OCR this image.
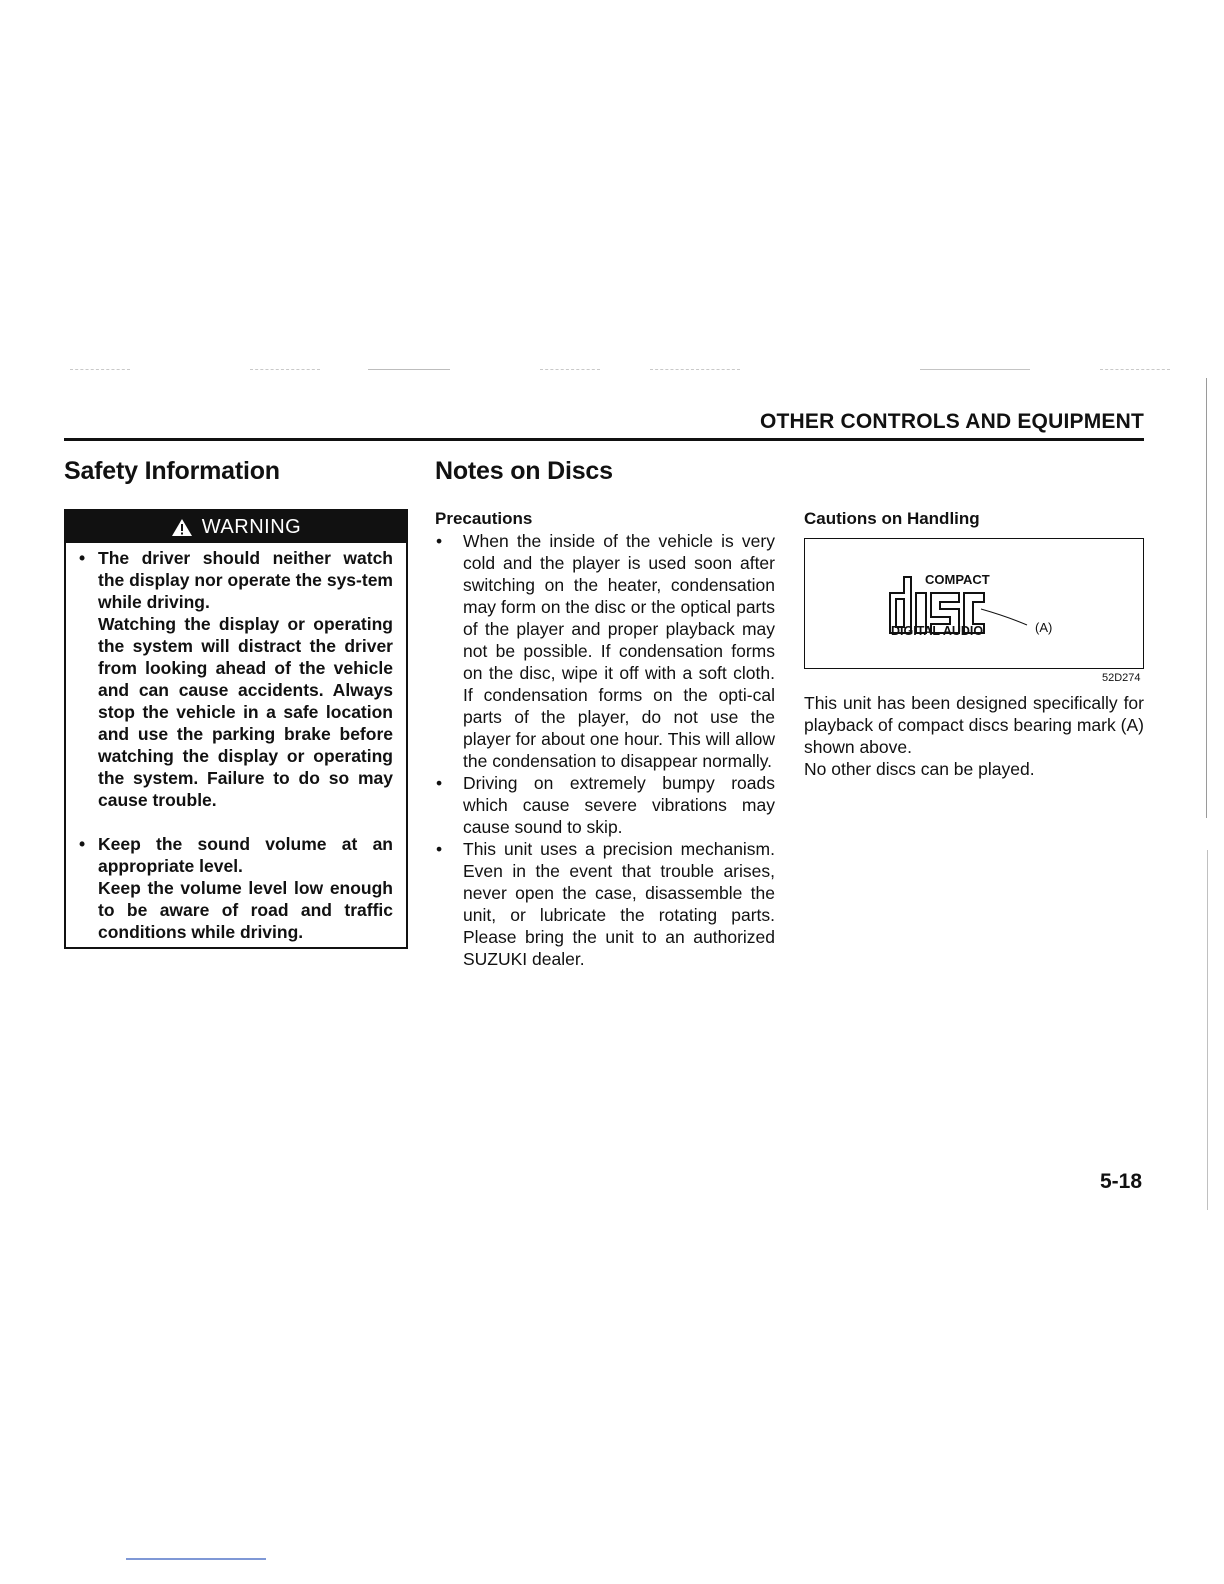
OTHER CONTROLS AND EQUIPMENT
Safety Information
WARNING

• The driver should neither watch the display nor operate the sys-tem while driving.

Watching the display or operating the system will distract the driver from looking ahead of the vehicle and can cause accidents. Always stop the vehicle in a safe location and use the parking brake before watching the display or operating the system. Failure to do so may cause trouble.

• Keep the sound volume at an appropriate level.

Keep the volume level low enough to be aware of road and traffic conditions while driving.

Notes on Discs
Precautions
• When the inside of the vehicle is very cold and the player is used soon after switching on the heater, condensation may form on the disc or the optical parts of the player and proper playback may not be possible. If condensation forms on the disc, wipe it off with a soft cloth. If condensation forms on the opti-cal parts of the player, do not use the player for about one hour. This will allow the condensation to disappear normally.
• Driving on extremely bumpy roads which cause severe vibrations may cause sound to skip.
• This unit uses a precision mechanism. Even in the event that trouble arises, never open the case, disassemble the unit, or lubricate the rotating parts. Please bring the unit to an authorized SUZUKI dealer.
Cautions on Handling
COMPACT
DIGITAL AUDIO	(A)
52D274

This unit has been designed specifically for playback of compact discs bearing mark (A) shown above.

No other discs can be played.

5-18
